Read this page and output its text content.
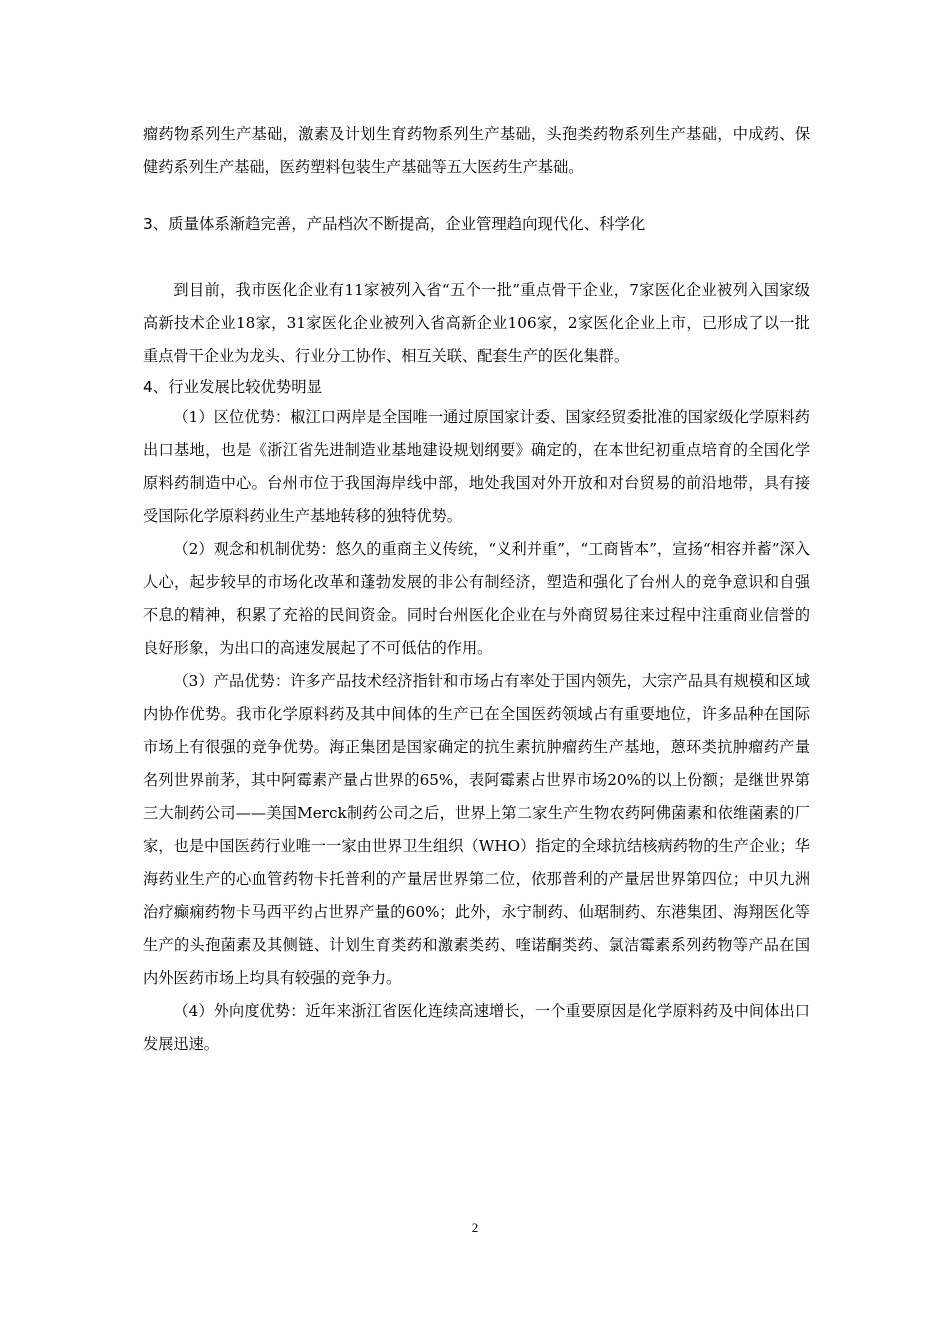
瘤药物系列生产基础，激素及计划生育药物系列生产基础，头孢类药物系列生产基础，中成药、保健药系列生产基础，医药塑料包装生产基础等五大医药生产基础。

3、质量体系渐趋完善，产品档次不断提高，企业管理趋向现代化、科学化

到目前，我市医化企业有11家被列入省“五个一批”重点骨干企业，7家医化企业被列入国家级高新技术企业18家，31家医化企业被列入省高新企业106家，2家医化企业上市，已形成了以一批重点骨干企业为龙头、行业分工协作、相互关联、配套生产的医化集群。

4、行业发展比较优势明显

（1）区位优势：椒江口两岸是全国唯一通过原国家计委、国家经贸委批准的国家级化学原料药出口基地，也是《浙江省先进制造业基地建设规划纲要》确定的，在本世纪初重点培育的全国化学原料药制造中心。台州市位于我国海岸线中部，地处我国对外开放和对台贸易的前沿地带，具有接受国际化学原料药业生产基地转移的独特优势。

（2）观念和机制优势：悠久的重商主义传统，“义利并重”，“工商皆本”，宣扬“相容并蓄”深入人心，起步较早的市场化改革和蓬勃发展的非公有制经济，塑造和强化了台州人的竞争意识和自强不息的精神，积累了充裕的民间资金。同时台州医化企业在与外商贸易往来过程中注重商业信誉的良好形象，为出口的高速发展起了不可低估的作用。

（3）产品优势：许多产品技术经济指针和市场占有率处于国内领先，大宗产品具有规模和区域内协作优势。我市化学原料药及其中间体的生产已在全国医药领域占有重要地位，许多品种在国际市场上有很强的竞争优势。海正集团是国家确定的抗生素抗肿瘤药生产基地，蒽环类抗肿瘤药产量名列世界前茅，其中阿霉素产量占世界的65%，表阿霉素占世界市场20%的以上份额；是继世界第三大制药公司——美国Merck制药公司之后，世界上第二家生产生物农药阿佛菌素和依维菌素的厂家，也是中国医药行业唯一一家由世界卫生组织（WHO）指定的全球抗结核病药物的生产企业；华海药业生产的心血管药物卡托普利的产量居世界第二位，依那普利的产量居世界第四位；中贝九洲治疗癫痫药物卡马西平约占世界产量的60%；此外，永宁制药、仙琚制药、东港集团、海翔医化等生产的头孢菌素及其侧链、计划生育类药和激素类药、喹诺酮类药、氯洁霉素系列药物等产品在国内外医药市场上均具有较强的竞争力。

（4）外向度优势：近年来浙江省医化连续高速增长，一个重要原因是化学原料药及中间体出口发展迅速。

2
